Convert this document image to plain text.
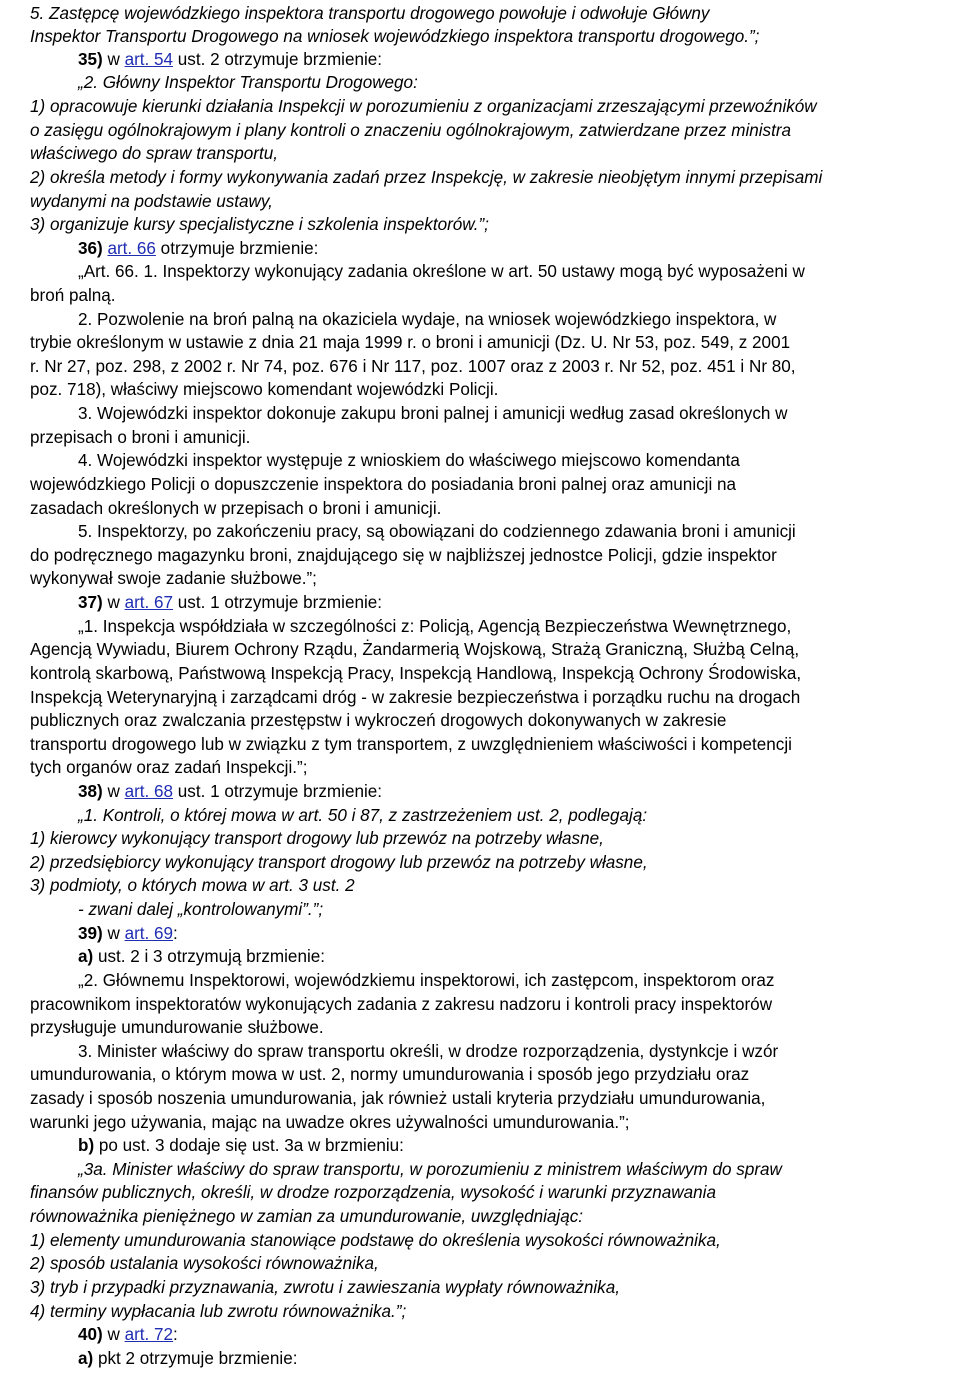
5. Zastępcę wojewódzkiego inspektora transportu drogowego powołuje i odwołuje Główny
Inspektor Transportu Drogowego na wniosek wojewódzkiego inspektora transportu drogowego.”;
35) w art. 54 ust. 2 otrzymuje brzmienie:
„2. Główny Inspektor Transportu Drogowego:
1) opracowuje kierunki działania Inspekcji w porozumieniu z organizacjami zrzeszającymi przewoźników
o zasięgu ogólnokrajowym i plany kontroli o znaczeniu ogólnokrajowym, zatwierdzane przez ministra
właściwego do spraw transportu,
2) określa metody i formy wykonywania zadań przez Inspekcję, w zakresie nieobjętym innymi przepisami
wydanymi na podstawie ustawy,
3) organizuje kursy specjalistyczne i szkolenia inspektorów.”;
36) art. 66 otrzymuje brzmienie:
„Art. 66. 1. Inspektorzy wykonujący zadania określone w art. 50 ustawy mogą być wyposażeni w
broń palną.
2. Pozwolenie na broń palną na okaziciela wydaje, na wniosek wojewódzkiego inspektora, w
trybie określonym w ustawie z dnia 21 maja 1999 r. o broni i amunicji (Dz. U. Nr 53, poz. 549, z 2001
r. Nr 27, poz. 298, z 2002 r. Nr 74, poz. 676 i Nr 117, poz. 1007 oraz z 2003 r. Nr 52, poz. 451 i Nr 80,
poz. 718), właściwy miejscowo komendant wojewódzki Policji.
3. Wojewódzki inspektor dokonuje zakupu broni palnej i amunicji według zasad określonych w
przepisach o broni i amunicji.
4. Wojewódzki inspektor występuje z wnioskiem do właściwego miejscowo komendanta
wojewódzkiego Policji o dopuszczenie inspektora do posiadania broni palnej oraz amunicji na
zasadach określonych w przepisach o broni i amunicji.
5. Inspektorzy, po zakończeniu pracy, są obowiązani do codziennego zdawania broni i amunicji
do podręcznego magazynku broni, znajdującego się w najbliższej jednostce Policji, gdzie inspektor
wykonywał swoje zadanie służbowe.”;
37) w art. 67 ust. 1 otrzymuje brzmienie:
„1. Inspekcja współdziała w szczególności z: Policją, Agencją Bezpieczeństwa Wewnętrznego,
Agencją Wywiadu, Biurem Ochrony Rządu, Żandarmerią Wojskową, Strażą Graniczną, Służbą Celną,
kontrolą skarbową, Państwową Inspekcją Pracy, Inspekcją Handlową, Inspekcją Ochrony Środowiska,
Inspekcją Weterynaryjną i zarządcami dróg - w zakresie bezpieczeństwa i porządku ruchu na drogach
publicznych oraz zwalczania przestępstw i wykroczeń drogowych dokonywanych w zakresie
transportu drogowego lub w związku z tym transportem, z uwzględnieniem właściwości i kompetencji
tych organów oraz zadań Inspekcji.”;
38) w art. 68 ust. 1 otrzymuje brzmienie:
„1. Kontroli, o której mowa w art. 50 i 87, z zastrzeżeniem ust. 2, podlegają:
1) kierowcy wykonujący transport drogowy lub przewóz na potrzeby własne,
2) przedsiębiorcy wykonujący transport drogowy lub przewóz na potrzeby własne,
3) podmioty, o których mowa w art. 3 ust. 2
- zwani dalej „kontrolowanymi”.”;
39) w art. 69:
a) ust. 2 i 3 otrzymują brzmienie:
„2. Głównemu Inspektorowi, wojewódzkiemu inspektorowi, ich zastępcom, inspektorom oraz
pracownikom inspektoratów wykonujących zadania z zakresu nadzoru i kontroli pracy inspektorów
przysługuje umundurowanie służbowe.
3. Minister właściwy do spraw transportu określi, w drodze rozporządzenia, dystynkcje i wzór
umundurowania, o którym mowa w ust. 2, normy umundurowania i sposób jego przydziału oraz
zasady i sposób noszenia umundurowania, jak również ustali kryteria przydziału umundurowania,
warunki jego używania, mając na uwadze okres używalności umundurowania.”;
b) po ust. 3 dodaje się ust. 3a w brzmieniu:
„3a. Minister właściwy do spraw transportu, w porozumieniu z ministrem właściwym do spraw
finansów publicznych, określi, w drodze rozporządzenia, wysokość i warunki przyznawania
równoważnika pieniężnego w zamian za umundurowanie, uwzględniając:
1) elementy umundurowania stanowiące podstawę do określenia wysokości równoważnika,
2) sposób ustalania wysokości równoważnika,
3) tryb i przypadki przyznawania, zwrotu i zawieszania wypłaty równoważnika,
4) terminy wypłacania lub zwrotu równoważnika.”;
40) w art. 72:
a) pkt 2 otrzymuje brzmienie:
